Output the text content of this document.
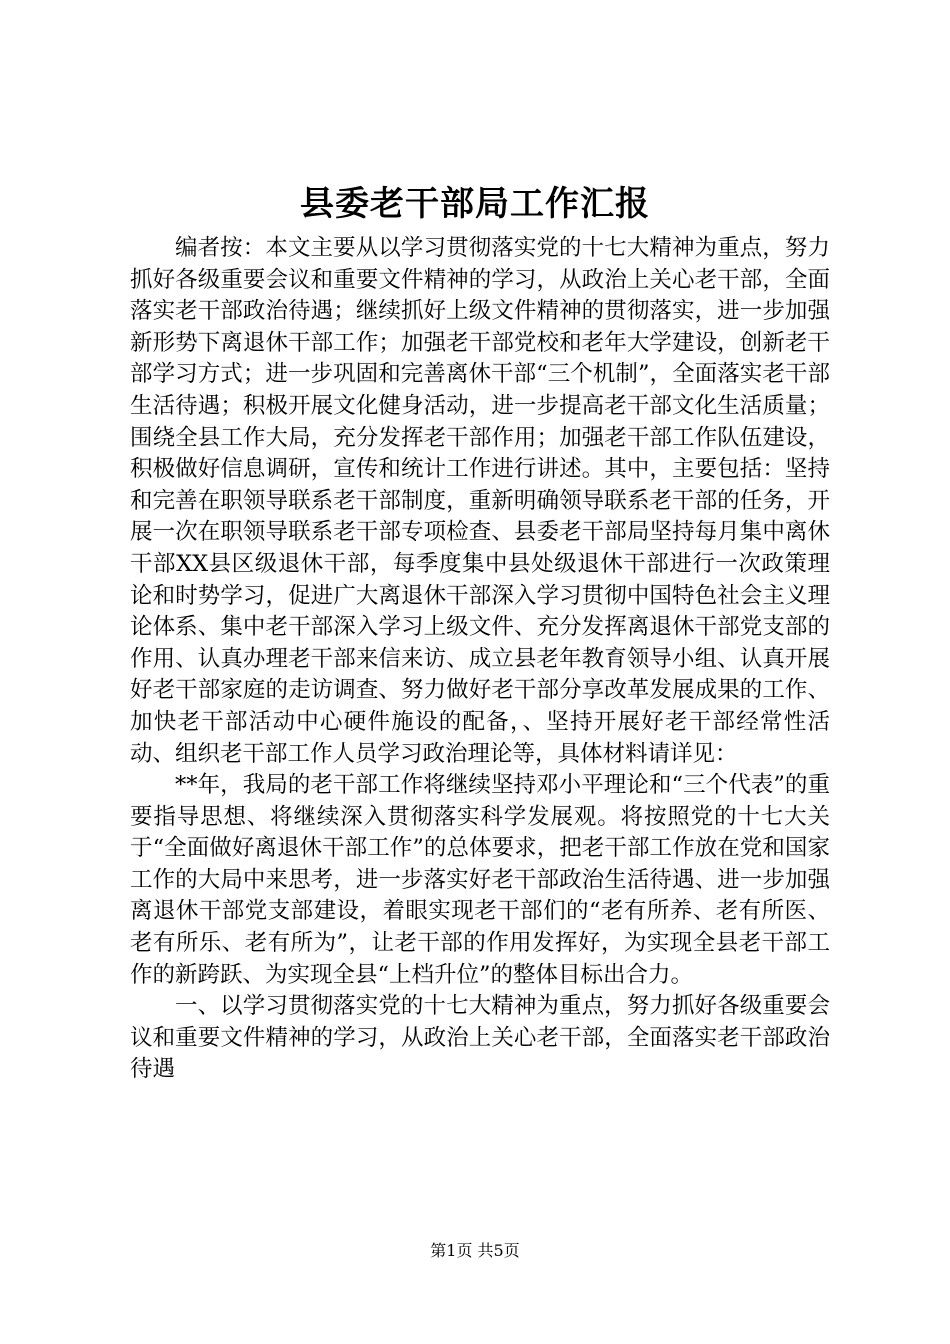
县委老干部局工作汇报

编者按：本文主要从以学习贯彻落实党的十七大精神为重点，努力抓好各级重要会议和重要文件精神的学习，从政治上关心老干部，全面落实老干部政治待遇；继续抓好上级文件精神的贯彻落实，进一步加强新形势下离退休干部工作；加强老干部党校和老年大学建设，创新老干部学习方式；进一步巩固和完善离休干部“三个机制”，全面落实老干部生活待遇；积极开展文化健身活动，进一步提高老干部文化生活质量；围绕全县工作大局，充分发挥老干部作用；加强老干部工作队伍建设，积极做好信息调研，宣传和统计工作进行讲述。其中，主要包括：坚持和完善在职领导联系老干部制度，重新明确领导联系老干部的任务，开展一次在职领导联系老干部专项检查、县委老干部局坚持每月集中离休干部XX县区级退休干部，每季度集中县处级退休干部进行一次政策理论和时势学习，促进广大离退休干部深入学习贯彻中国特色社会主义理论体系、集中老干部深入学习上级文件、充分发挥离退休干部党支部的作用、认真办理老干部来信来访、成立县老年教育领导小组、认真开展好老干部家庭的走访调查、努力做好老干部分享改革发展成果的工作、加快老干部活动中心硬件施设的配备，、坚持开展好老干部经常性活动、组织老干部工作人员学习政治理论等，具体材料请详见：

**年，我局的老干部工作将继续坚持邓小平理论和“三个代表”的重要指导思想、将继续深入贯彻落实科学发展观。将按照党的十七大关于“全面做好离退休干部工作”的总体要求，把老干部工作放在党和国家工作的大局中来思考，进一步落实好老干部政治生活待遇、进一步加强离退休干部党支部建设，着眼实现老干部们的“老有所养、老有所医、老有所乐、老有所为”，让老干部的作用发挥好，为实现全县老干部工作的新跨跃、为实现全县“上档升位”的整体目标出合力。

一、以学习贯彻落实党的十七大精神为重点，努力抓好各级重要会议和重要文件精神的学习，从政治上关心老干部，全面落实老干部政治待遇

第1页 共5页
